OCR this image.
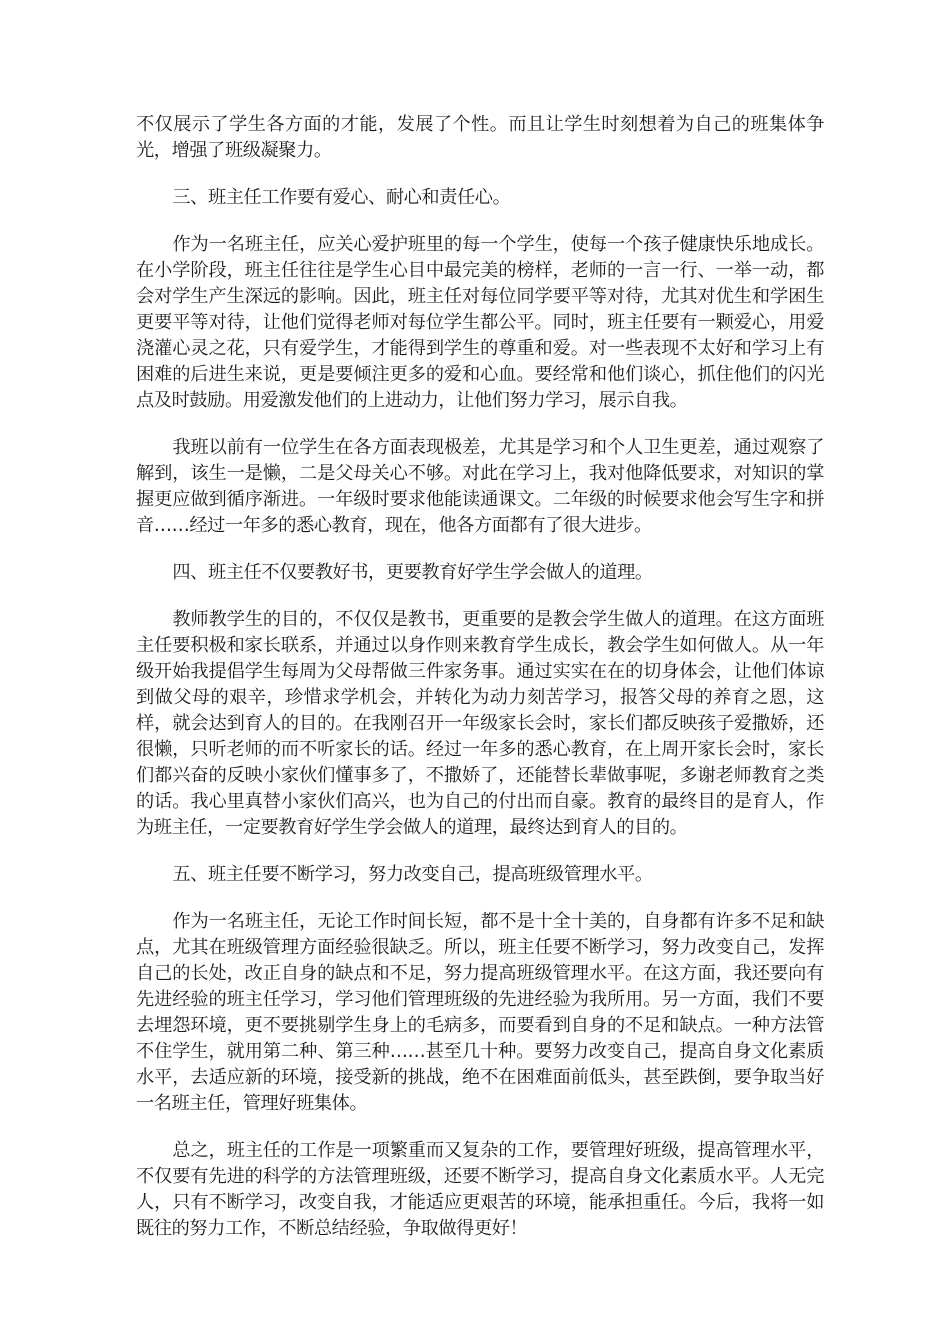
不仅展示了学生各方面的才能，发展了个性。而且让学生时刻想着为自己的班集体争光，增强了班级凝聚力。

三、班主任工作要有爱心、耐心和责任心。

作为一名班主任，应关心爱护班里的每一个学生，使每一个孩子健康快乐地成长。在小学阶段，班主任往往是学生心目中最完美的榜样，老师的一言一行、一举一动，都会对学生产生深远的影响。因此，班主任对每位同学要平等对待，尤其对优生和学困生更要平等对待，让他们觉得老师对每位学生都公平。同时，班主任要有一颗爱心，用爱浇灌心灵之花，只有爱学生，才能得到学生的尊重和爱。对一些表现不太好和学习上有困难的后进生来说，更是要倾注更多的爱和心血。要经常和他们谈心，抓住他们的闪光点及时鼓励。用爱激发他们的上进动力，让他们努力学习，展示自我。

我班以前有一位学生在各方面表现极差，尤其是学习和个人卫生更差，通过观察了解到，该生一是懒，二是父母关心不够。对此在学习上，我对他降低要求，对知识的掌握更应做到循序渐进。一年级时要求他能读通课文。二年级的时候要求他会写生字和拼音……经过一年多的悉心教育，现在，他各方面都有了很大进步。

四、班主任不仅要教好书，更要教育好学生学会做人的道理。

教师教学生的目的，不仅仅是教书，更重要的是教会学生做人的道理。在这方面班主任要积极和家长联系，并通过以身作则来教育学生成长，教会学生如何做人。从一年级开始我提倡学生每周为父母帮做三件家务事。通过实实在在的切身体会，让他们体谅到做父母的艰辛，珍惜求学机会，并转化为动力刻苦学习，报答父母的养育之恩，这样，就会达到育人的目的。在我刚召开一年级家长会时，家长们都反映孩子爱撒娇，还很懒，只听老师的而不听家长的话。经过一年多的悉心教育，在上周开家长会时，家长们都兴奋的反映小家伙们懂事多了，不撒娇了，还能替长辈做事呢，多谢老师教育之类的话。我心里真替小家伙们高兴，也为自己的付出而自豪。教育的最终目的是育人，作为班主任，一定要教育好学生学会做人的道理，最终达到育人的目的。

五、班主任要不断学习，努力改变自己，提高班级管理水平。

作为一名班主任，无论工作时间长短，都不是十全十美的，自身都有许多不足和缺点，尤其在班级管理方面经验很缺乏。所以，班主任要不断学习，努力改变自己，发挥自己的长处，改正自身的缺点和不足，努力提高班级管理水平。在这方面，我还要向有先进经验的班主任学习，学习他们管理班级的先进经验为我所用。另一方面，我们不要去埋怨环境，更不要挑剔学生身上的毛病多，而要看到自身的不足和缺点。一种方法管不住学生，就用第二种、第三种……甚至几十种。要努力改变自己，提高自身文化素质水平，去适应新的环境，接受新的挑战，绝不在困难面前低头，甚至跌倒，要争取当好一名班主任，管理好班集体。

总之，班主任的工作是一项繁重而又复杂的工作，要管理好班级，提高管理水平，不仅要有先进的科学的方法管理班级，还要不断学习，提高自身文化素质水平。人无完人，只有不断学习，改变自我，才能适应更艰苦的环境，能承担重任。今后，我将一如既往的努力工作，不断总结经验，争取做得更好！
